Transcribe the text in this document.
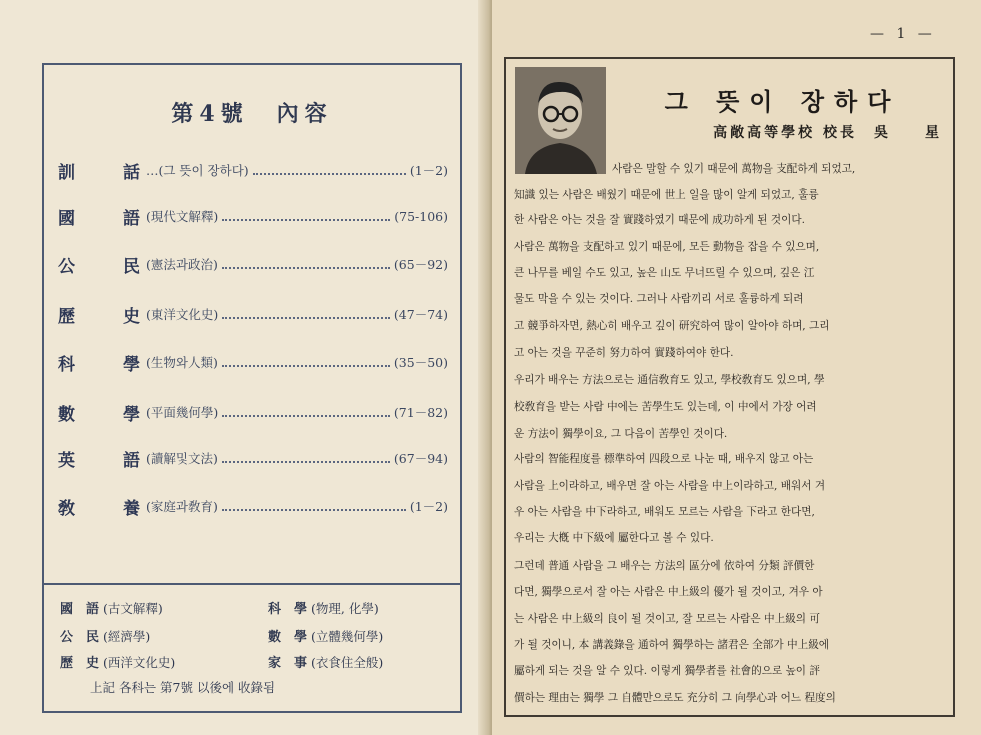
第4號　內容
訓	話 …(그 뜻이 장하다)	(1－2)
國	語 (現代文解釋)	(75-106)
公	民 (憲法과政治)	(65－92)
歷	史 (東洋文化史)	(47－74)
科	學 (生物와人類)	(35－50)
數	學 (平面幾何學)	(71－82)
英	語 (讀解및文法)	(67－94)
敎	養 (家庭과敎育)	(1－2)
國　語 (古文解釋)	科　學 (物理, 化學)
公　民 (經濟學)	數　學 (立體幾何學)
歷　史 (西洋文化史)	家　事 (衣食住全般)
上記 各科는 第7號 以後에 收錄됨
— 1 —
그 뜻이 장하다
高敞高等學校 校長　吳　　星
사람은 말할 수 있기 때문에 萬物을 支配하게 되었고,
知識 있는 사람은 배웠기 때문에 世上 일을 많이 알게 되었고, 훌륭
한 사람은 아는 것을 잘 實踐하였기 때문에 成功하게 된 것이다.
사람은 萬物을 支配하고 있기 때문에, 모든 動物을 잡을 수 있으며,
큰 나무를 베일 수도 있고, 높은 山도 무너뜨릴 수 있으며, 깊은 江
물도 막을 수 있는 것이다. 그러나 사람끼리 서로 훌륭하게 되려
고 競爭하자면, 熱心히 배우고 깊이 研究하여 많이 알아야 하며, 그리
고 아는 것을 꾸준히 努力하여 實踐하여야 한다.
우리가 배우는 方法으로는 通信敎育도 있고, 學校敎育도 있으며, 學
校敎育을 받는 사람 中에는 苦學生도 있는데, 이 中에서 가장 어려
운 方法이 獨學이요, 그 다음이 苦學인 것이다.
사람의 智能程度를 標準하여 四段으로 나눈 때, 배우지 않고 아는
사람을 上이라하고, 배우면 잘 아는 사람을 中上이라하고, 배워서 겨
우 아는 사람을 中下라하고, 배워도 모르는 사람을 下라고 한다면,
우리는 大槪 中下級에 屬한다고 볼 수 있다.
그런데 普通 사람을 그 배우는 方法의 區分에 依하여 分類 評價한
다면, 獨學으로서 잘 아는 사람은 中上級의 優가 될 것이고, 겨우 아
는 사람은 中上級의 良이 될 것이고, 잘 모르는 사람은 中上級의 可
가 될 것이니, 本 講義錄을 通하여 獨學하는 諸君은 全部가 中上級에
屬하게 되는 것을 알 수 있다. 이렇게 獨學者를 社會的으로 높이 評
價하는 理由는 獨學 그 自體만으로도 充分히 그 向學心과 어느 程度의
